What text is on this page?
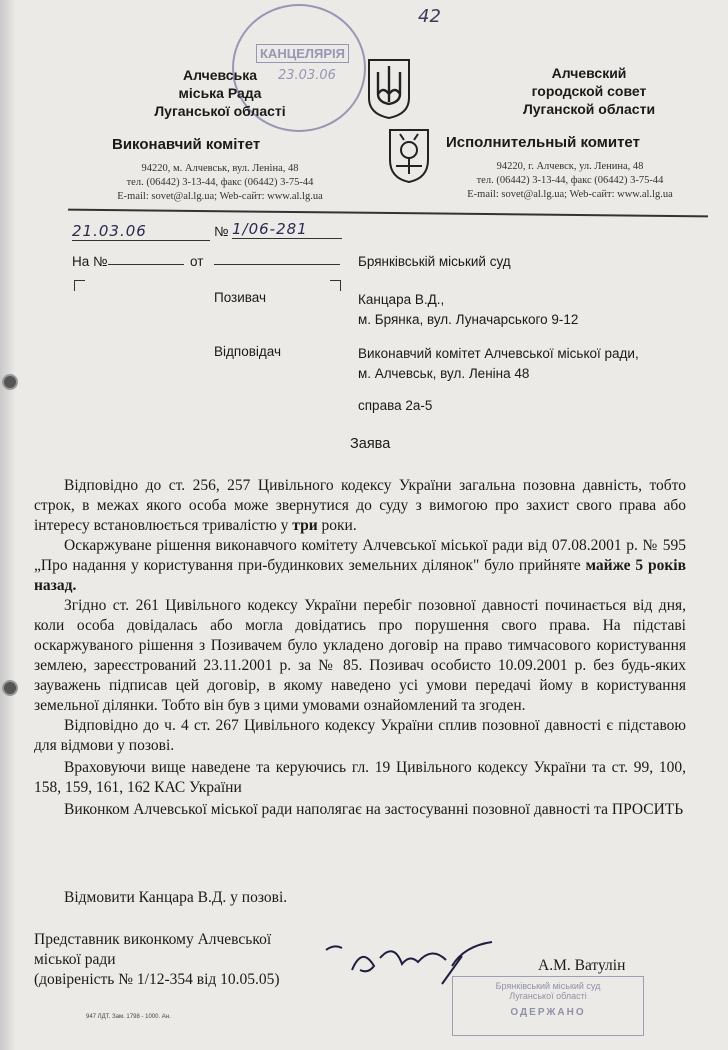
42
КАНЦЕЛЯРІЯ
23.03.06
Алчевська
міська Рада
Луганської області
Виконавчий комітет
94220, м. Алчевськ, вул. Леніна, 48
тел. (06442) 3-13-44, факс (06442) 3-75-44
E-mail: sovet@al.lg.ua; Web-сайт: www.al.lg.ua
Алчевский
городской совет
Луганской области
Исполнительный комитет
94220, г. Алчевск, ул. Ленина, 48
тел. (06442) 3-13-44, факс (06442) 3-75-44
E-mail: sovet@al.lg.ua; Web-сайт: www.al.lg.ua
21.03.06	№ 1/06-281
На №	от	Брянківській міський суд
Позивач	Канцара В.Д.,
м. Брянка, вул. Луначарського 9-12
Відповідач	Виконавчий комітет Алчевської міської ради,
м. Алчевськ, вул. Леніна 48
справа 2а-5
Заява

Відповідно до ст. 256, 257 Цивільного кодексу України загальна позовна давність, тобто строк, в межах якого особа може звернутися до суду з вимогою про захист свого права або інтересу встановлюється тривалістю у три роки.

Оскаржуване рішення виконавчого комітету Алчевської міської ради від 07.08.2001 р. № 595 „Про надання у користування при-будинкових земельних ділянок" було прийняте майже 5 років назад.

Згідно ст. 261 Цивільного кодексу України перебіг позовної давності починається від дня, коли особа довідалась або могла довідатись про порушення свого права. На підставі оскаржуваного рішення з Позивачем було укладено договір на право тимчасового користування землею, зареєстрований 23.11.2001 р. за № 85. Позивач особисто 10.09.2001 р. без будь-яких зауважень підписав цей договір, в якому наведено усі умови передачі йому в користування земельної ділянки. Тобто він був з цими умовами ознайомлений та згоден.

Відповідно до ч. 4 ст. 267 Цивільного кодексу України сплив позовної давності є підставою для відмови у позові.

Враховуючи вище наведене та керуючись гл. 19 Цивільного кодексу України та ст. 99, 100, 158, 159, 161, 162 КАС України

Виконком Алчевської міської ради наполягає на застосуванні позовної давності та ПРОСИТЬ

Відмовити Канцара В.Д. у позові.
Представник виконкому Алчевської
міської ради
(довіреність № 1/12-354 від 10.05.05)
А.М. Ватулін
947 ЛДТ. Зам. 1798 - 1000. Ан.
Брянківський міський суд
Луганської області
ОДЕРЖАНО
